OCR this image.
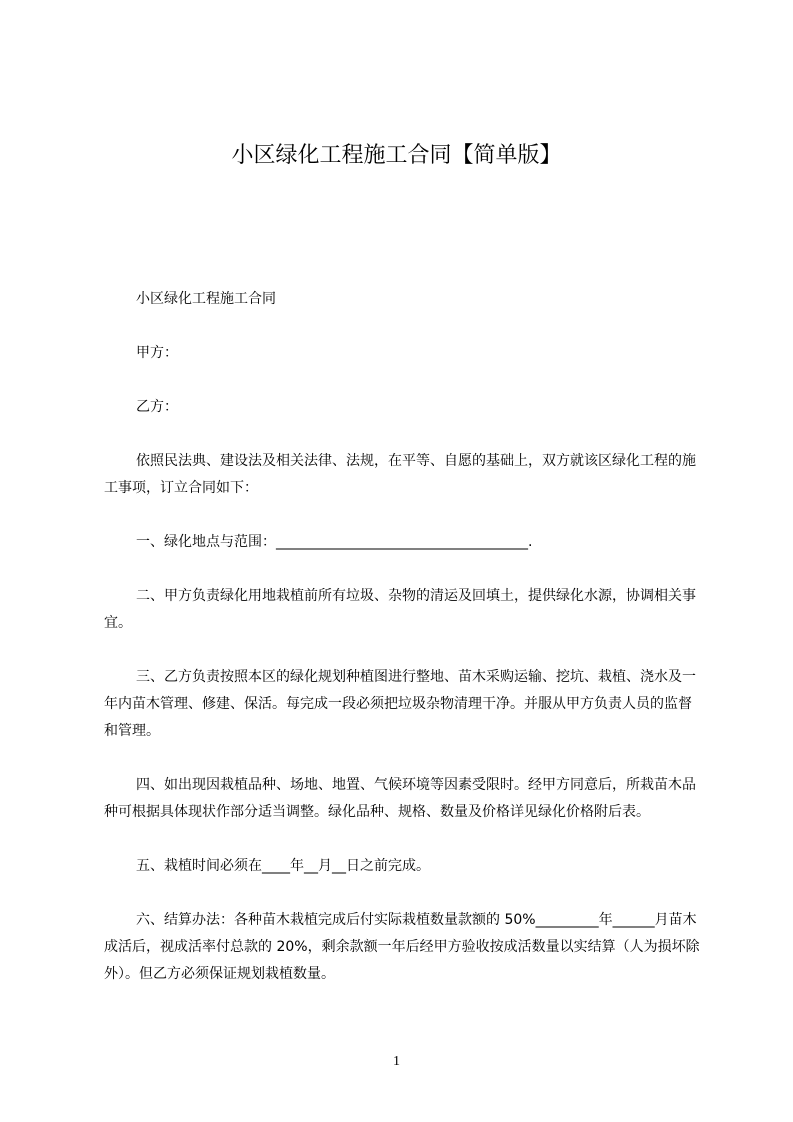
小区绿化工程施工合同【简单版】

小区绿化工程施工合同

甲方：

乙方：

依照民法典、建设法及相关法律、法规，在平等、自愿的基础上，双方就该区绿化工程的施工事项，订立合同如下：

一、绿化地点与范围：____________________________________.

二、甲方负责绿化用地栽植前所有垃圾、杂物的清运及回填土，提供绿化水源，协调相关事宜。

三、乙方负责按照本区的绿化规划种植图进行整地、苗木采购运输、挖坑、栽植、浇水及一年内苗木管理、修建、保活。每完成一段必须把垃圾杂物清理干净。并服从甲方负责人员的监督和管理。

四、如出现因栽植品种、场地、地置、气候环境等因素受限时。经甲方同意后，所栽苗木品种可根据具体现状作部分适当调整。绿化品种、规格、数量及价格详见绿化价格附后表。

五、栽植时间必须在____年__月__日之前完成。

六、结算办法：各种苗木栽植完成后付实际栽植数量款额的 50%_________年______月苗木成活后，视成活率付总款的 20%，剩余款额一年后经甲方验收按成活数量以实结算（人为损坏除外）。但乙方必须保证规划栽植数量。

1
